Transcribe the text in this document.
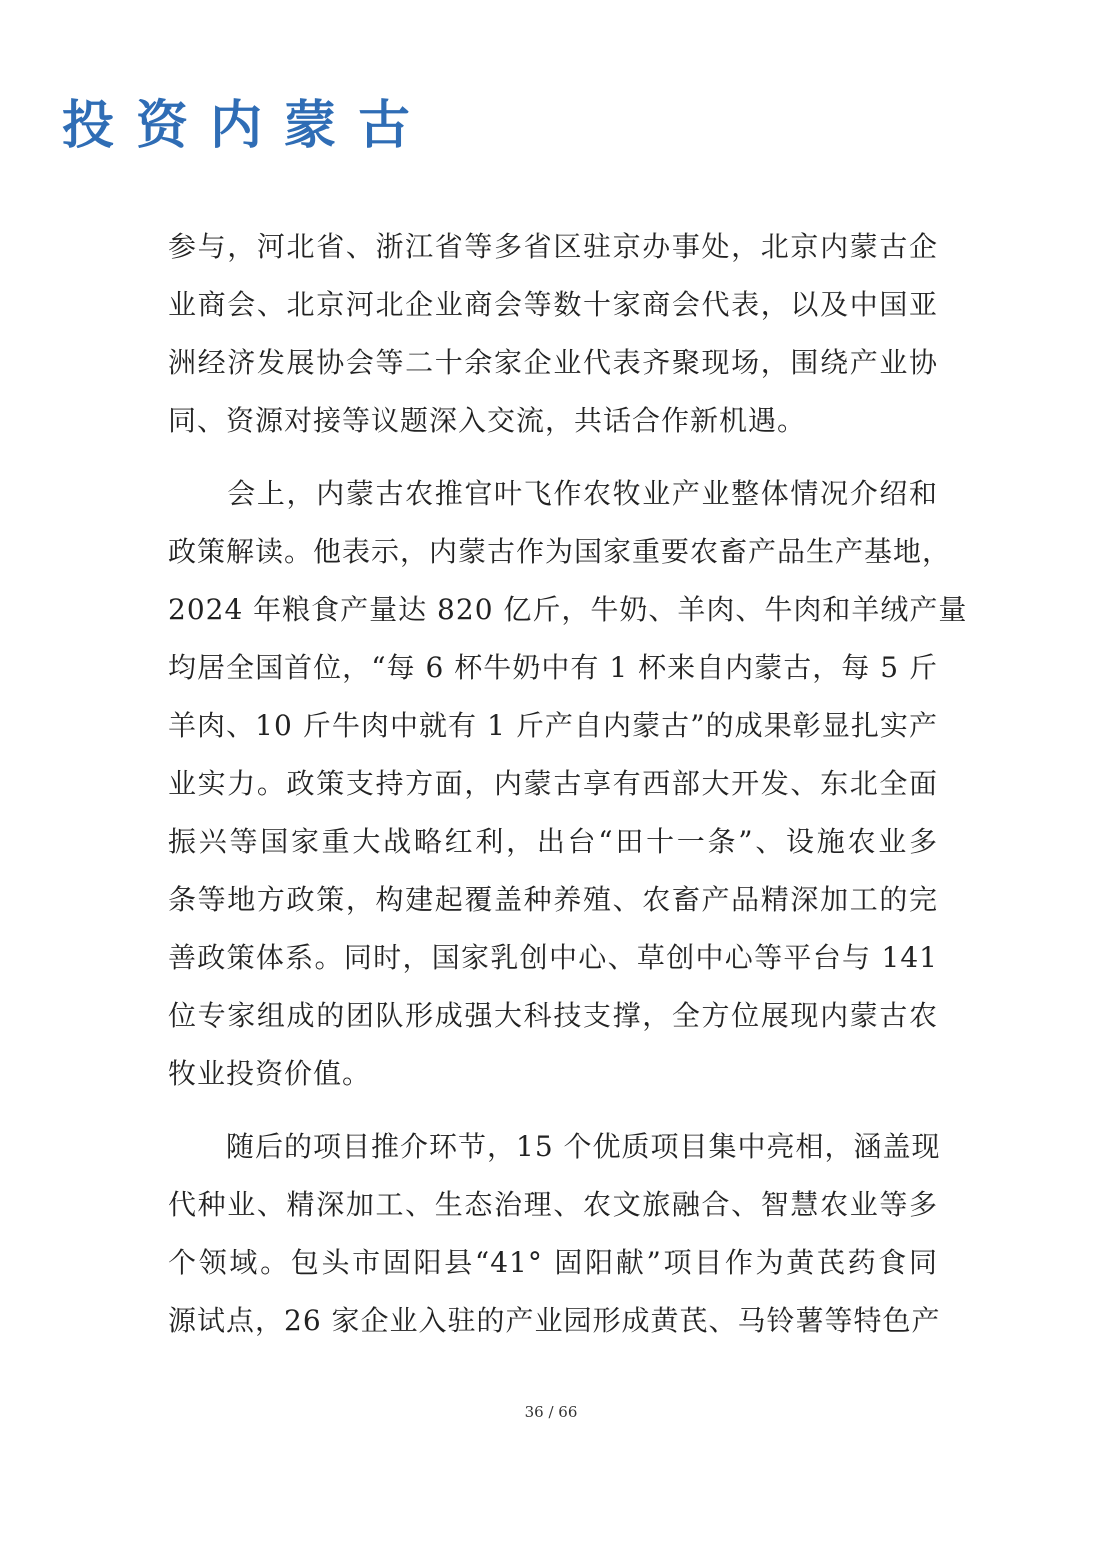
投资内蒙古
参与，河北省、浙江省等多省区驻京办事处，北京内蒙古企
业商会、北京河北企业商会等数十家商会代表，以及中国亚
洲经济发展协会等二十余家企业代表齐聚现场，围绕产业协
同、资源对接等议题深入交流，共话合作新机遇。
　　会上，内蒙古农推官叶飞作农牧业产业整体情况介绍和
政策解读。他表示，内蒙古作为国家重要农畜产品生产基地，
2024 年粮食产量达 820 亿斤，牛奶、羊肉、牛肉和羊绒产量
均居全国首位，“每 6 杯牛奶中有 1 杯来自内蒙古，每 5 斤
羊肉、10 斤牛肉中就有 1 斤产自内蒙古”的成果彰显扎实产
业实力。政策支持方面，内蒙古享有西部大开发、东北全面
振兴等国家重大战略红利，出台“田十一条”、设施农业多
条等地方政策，构建起覆盖种养殖、农畜产品精深加工的完
善政策体系。同时，国家乳创中心、草创中心等平台与 141
位专家组成的团队形成强大科技支撑，全方位展现内蒙古农
牧业投资价值。
　　随后的项目推介环节，15 个优质项目集中亮相，涵盖现
代种业、精深加工、生态治理、农文旅融合、智慧农业等多
个领域。包头市固阳县“41° 固阳献”项目作为黄芪药食同
源试点，26 家企业入驻的产业园形成黄芪、马铃薯等特色产
36 / 66
